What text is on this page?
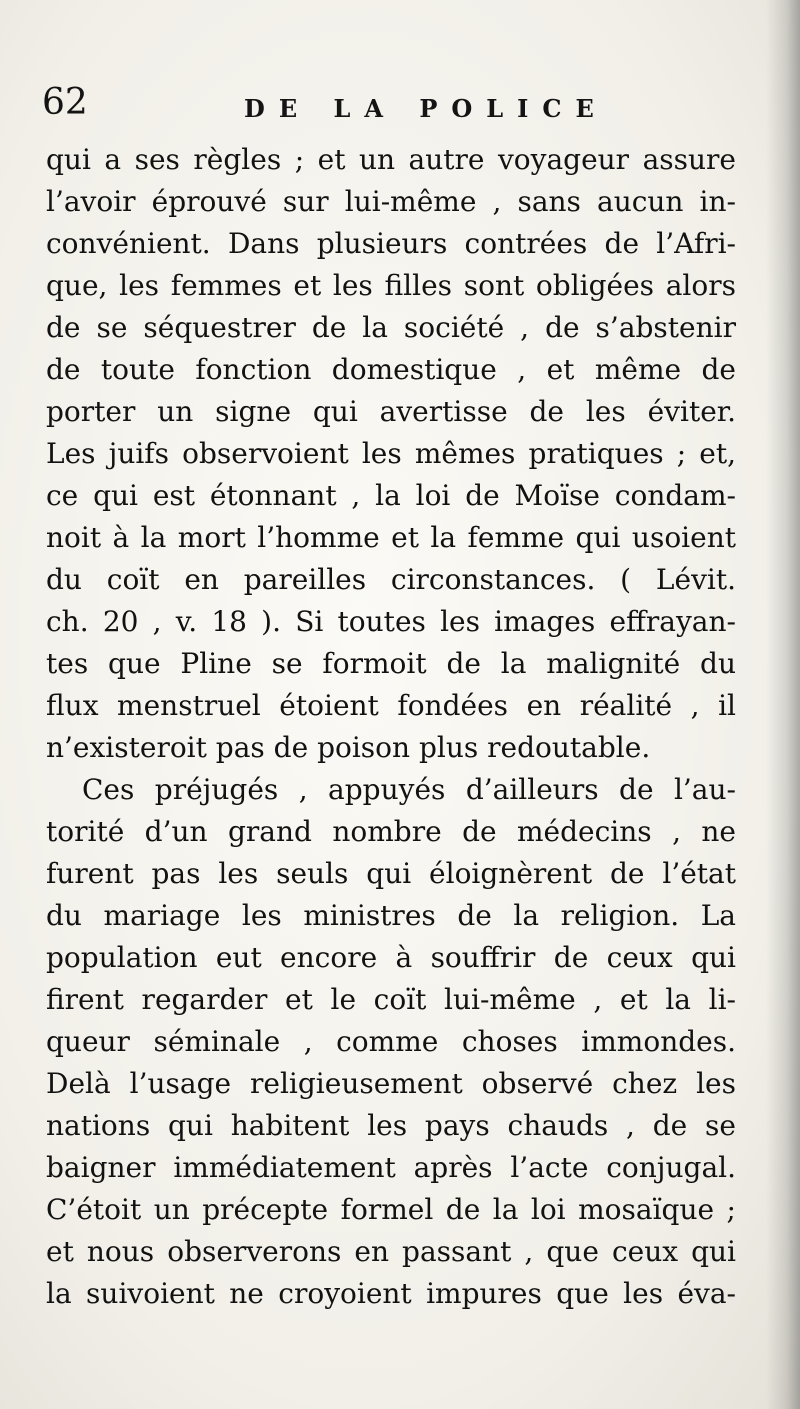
62	DE LA POLICE
qui a ses règles ; et un autre voyageur assure
l’avoir éprouvé sur lui-même , sans aucun in-
convénient. Dans plusieurs contrées de l’Afri-
que, les femmes et les filles sont obligées alors
de se séquestrer de la société , de s’abstenir
de toute fonction domestique , et même de
porter un signe qui avertisse de les éviter.
Les juifs observoient les mêmes pratiques ; et,
ce qui est étonnant , la loi de Moïse condam-
noit à la mort l’homme et la femme qui usoient
du coït en pareilles circonstances. ( Lévit.
ch. 20 , v. 18 ). Si toutes les images effrayan-
tes que Pline se formoit de la malignité du
flux menstruel étoient fondées en réalité , il
n’existeroit pas de poison plus redoutable.
Ces préjugés , appuyés d’ailleurs de l’au-
torité d’un grand nombre de médecins , ne
furent pas les seuls qui éloignèrent de l’état
du mariage les ministres de la religion. La
population eut encore à souffrir de ceux qui
firent regarder et le coït lui-même , et la li-
queur séminale , comme choses immondes.
Delà l’usage religieusement observé chez les
nations qui habitent les pays chauds , de se
baigner immédiatement après l’acte conjugal.
C’étoit un précepte formel de la loi mosaïque ;
et nous observerons en passant , que ceux qui
la suivoient ne croyoient impures que les éva-
